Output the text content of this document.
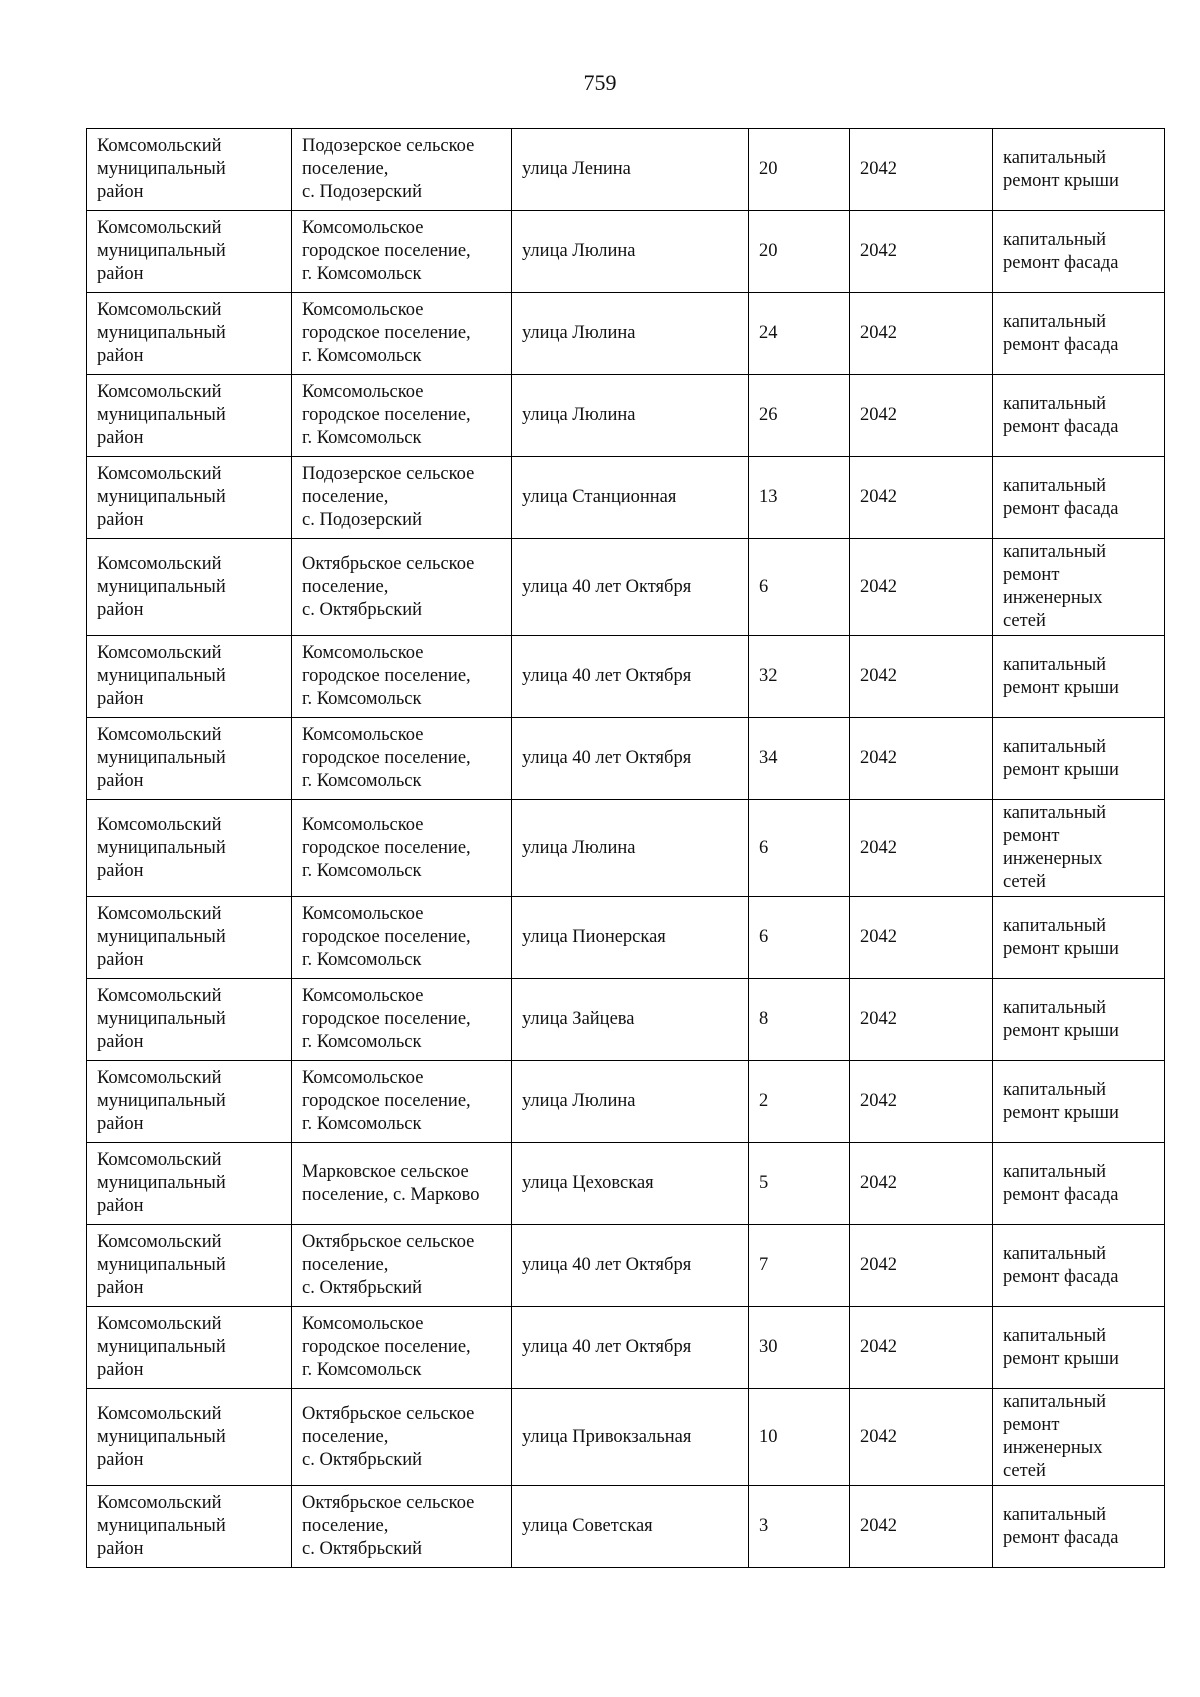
759
Комсомольский
муниципальный
район	Подозерское сельское
поселение,
с. Подозерский	улица Ленина	20	2042	капитальный
ремонт крыши

Комсомольский
муниципальный
район	Комсомольское
городское поселение,
г. Комсомольск	улица Люлина	20	2042	капитальный
ремонт фасада

Комсомольский
муниципальный
район	Комсомольское
городское поселение,
г. Комсомольск	улица Люлина	24	2042	капитальный
ремонт фасада

Комсомольский
муниципальный
район	Комсомольское
городское поселение,
г. Комсомольск	улица Люлина	26	2042	капитальный
ремонт фасада

Комсомольский
муниципальный
район	Подозерское сельское
поселение,
с. Подозерский	улица Станционная	13	2042	капитальный
ремонт фасада

Комсомольский
муниципальный
район	Октябрьское сельское
поселение,
с. Октябрьский	улица 40 лет Октября	6	2042	капитальный
ремонт
инженерных
сетей

Комсомольский
муниципальный
район	Комсомольское
городское поселение,
г. Комсомольск	улица 40 лет Октября	32	2042	капитальный
ремонт крыши

Комсомольский
муниципальный
район	Комсомольское
городское поселение,
г. Комсомольск	улица 40 лет Октября	34	2042	капитальный
ремонт крыши

Комсомольский
муниципальный
район	Комсомольское
городское поселение,
г. Комсомольск	улица Люлина	6	2042	капитальный
ремонт
инженерных
сетей

Комсомольский
муниципальный
район	Комсомольское
городское поселение,
г. Комсомольск	улица Пионерская	6	2042	капитальный
ремонт крыши

Комсомольский
муниципальный
район	Комсомольское
городское поселение,
г. Комсомольск	улица Зайцева	8	2042	капитальный
ремонт крыши

Комсомольский
муниципальный
район	Комсомольское
городское поселение,
г. Комсомольск	улица Люлина	2	2042	капитальный
ремонт крыши

Комсомольский
муниципальный
район	Марковское сельское
поселение, с. Марково	улица Цеховская	5	2042	капитальный
ремонт фасада

Комсомольский
муниципальный
район	Октябрьское сельское
поселение,
с. Октябрьский	улица 40 лет Октября	7	2042	капитальный
ремонт фасада

Комсомольский
муниципальный
район	Комсомольское
городское поселение,
г. Комсомольск	улица 40 лет Октября	30	2042	капитальный
ремонт крыши

Комсомольский
муниципальный
район	Октябрьское сельское
поселение,
с. Октябрьский	улица Привокзальная	10	2042	капитальный
ремонт
инженерных
сетей

Комсомольский
муниципальный
район	Октябрьское сельское
поселение,
с. Октябрьский	улица Советская	3	2042	капитальный
ремонт фасада
